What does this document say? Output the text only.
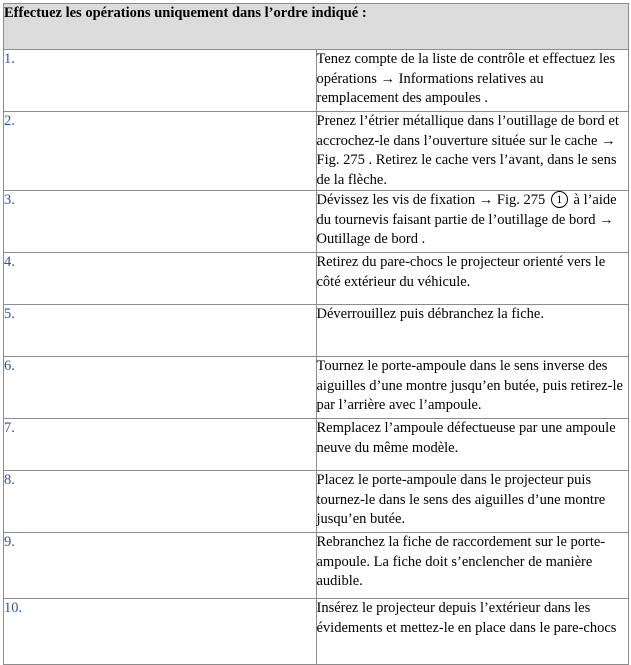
Effectuez les opérations uniquement dans l’ordre indiqué :	
1.	Tenez compte de la liste de contrôle et effectuez les opérations → Informations relatives au remplacement des ampoules .
2.	Prenez l’étrier métallique dans l’outillage de bord et accrochez-le dans l’ouverture située sur le cache → Fig. 275 . Retirez le cache vers l’avant, dans le sens de la flèche.
3.	Dévissez les vis de fixation → Fig. 275 1 à l’aide du tournevis faisant partie de l’outillage de bord → Outillage de bord .
4.	Retirez du pare-chocs le projecteur orienté vers le côté extérieur du véhicule.
5.	Déverrouillez puis débranchez la fiche.
6.	Tournez le porte-ampoule dans le sens inverse des aiguilles d’une montre jusqu’en butée, puis retirez-le par l’arrière avec l’ampoule.
7.	Remplacez l’ampoule défectueuse par une ampoule neuve du même modèle.
8.	Placez le porte-ampoule dans le projecteur puis tournez-le dans le sens des aiguilles d’une montre jusqu’en butée.
9.	Rebranchez la fiche de raccordement sur le porte-ampoule. La fiche doit s’enclencher de manière audible.
10.	Insérez le projecteur depuis l’extérieur dans les évidements et mettez-le en place dans le pare-chocs
